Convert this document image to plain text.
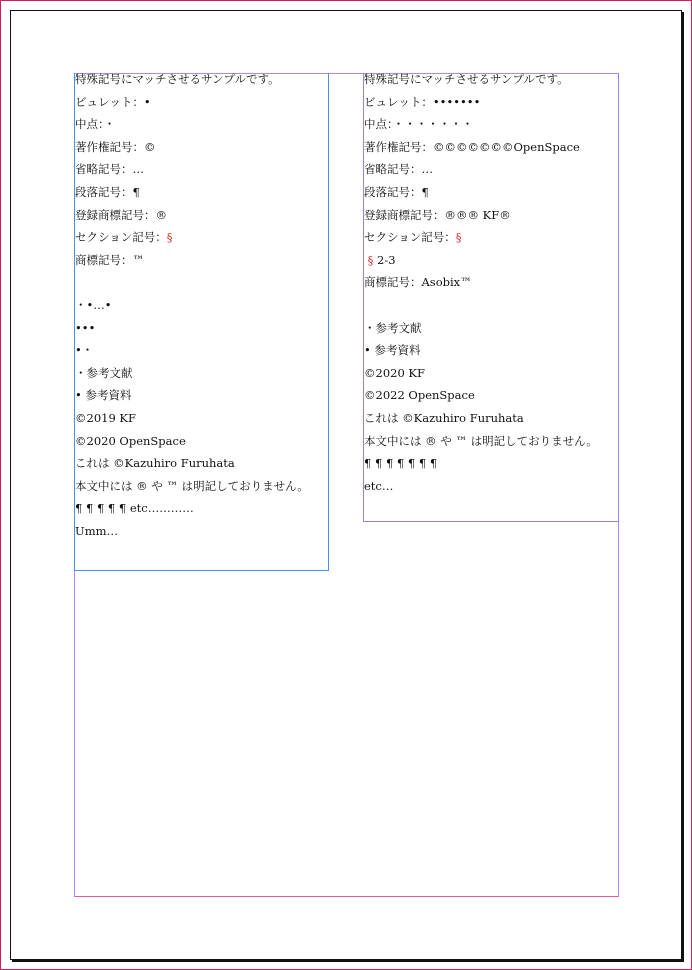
特殊記号にマッチさせるサンプルです。
ビュレット：•
中点：・
著作権記号：©
省略記号：…
段落記号：¶
登録商標記号：®
セクション記号：§
商標記号：™
・•…•
•••
•・
・参考文献
• 参考資料
©2019 KF
©2020 OpenSpace
これは ©Kazuhiro Furuhata
本文中には ® や ™ は明記しておりません。
¶ ¶ ¶ ¶ ¶ etc…………
Umm…
特殊記号にマッチさせるサンプルです。
ビュレット：•••••••
中点：・・・・・・・
著作権記号：©©©©©©©OpenSpace
省略記号：…
段落記号：¶
登録商標記号：®®® KF®
セクション記号：§
§ 2-3
商標記号：Asobix™
・参考文献
• 参考資料
©2020 KF
©2022 OpenSpace
これは ©Kazuhiro Furuhata
本文中には ® や ™ は明記しておりません。
¶ ¶ ¶ ¶ ¶ ¶ ¶
etc…
